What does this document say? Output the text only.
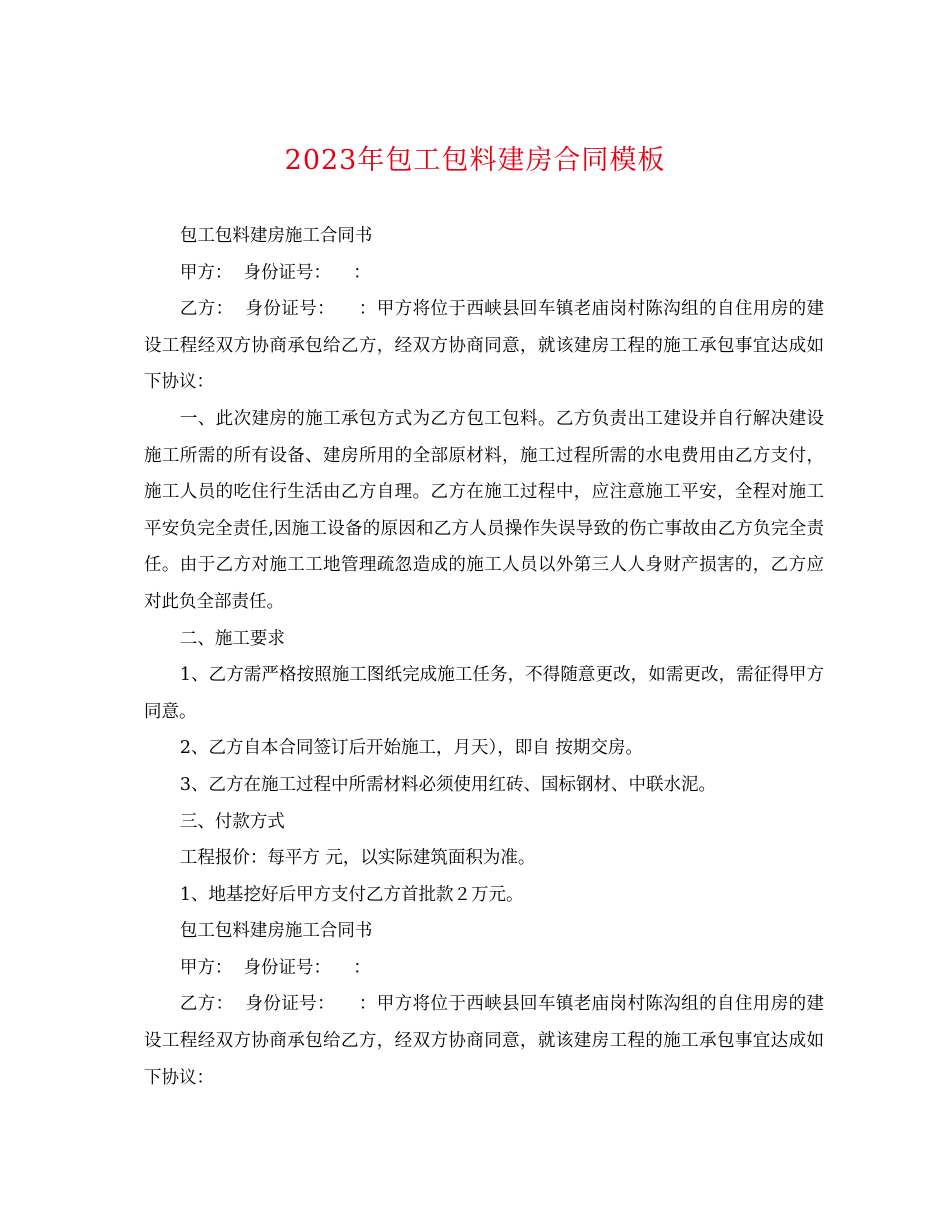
2023年包工包料建房合同模板

包工包料建房施工合同书

甲方：  身份证号：    ：

乙方：  身份证号：    ：甲方将位于西峡县回车镇老庙岗村陈沟组的自住用房的建设工程经双方协商承包给乙方，经双方协商同意，就该建房工程的施工承包事宜达成如下协议：

一、此次建房的施工承包方式为乙方包工包料。乙方负责出工建设并自行解决建设施工所需的所有设备、建房所用的全部原材料，施工过程所需的水电费用由乙方支付，施工人员的吃住行生活由乙方自理。乙方在施工过程中，应注意施工平安，全程对施工平安负完全责任,因施工设备的原因和乙方人员操作失误导致的伤亡事故由乙方负完全责任。由于乙方对施工工地管理疏忽造成的施工人员以外第三人人身财产损害的，乙方应对此负全部责任。

二、施工要求

1、乙方需严格按照施工图纸完成施工任务，不得随意更改，如需更改，需征得甲方同意。

2、乙方自本合同签订后开始施工，月天），即自 按期交房。

3、乙方在施工过程中所需材料必须使用红砖、国标钢材、中联水泥。

三、付款方式

工程报价：每平方 元，以实际建筑面积为准。

1、地基挖好后甲方支付乙方首批款２万元。

包工包料建房施工合同书

甲方：  身份证号：    ：

乙方：  身份证号：    ：甲方将位于西峡县回车镇老庙岗村陈沟组的自住用房的建设工程经双方协商承包给乙方，经双方协商同意，就该建房工程的施工承包事宜达成如下协议：
